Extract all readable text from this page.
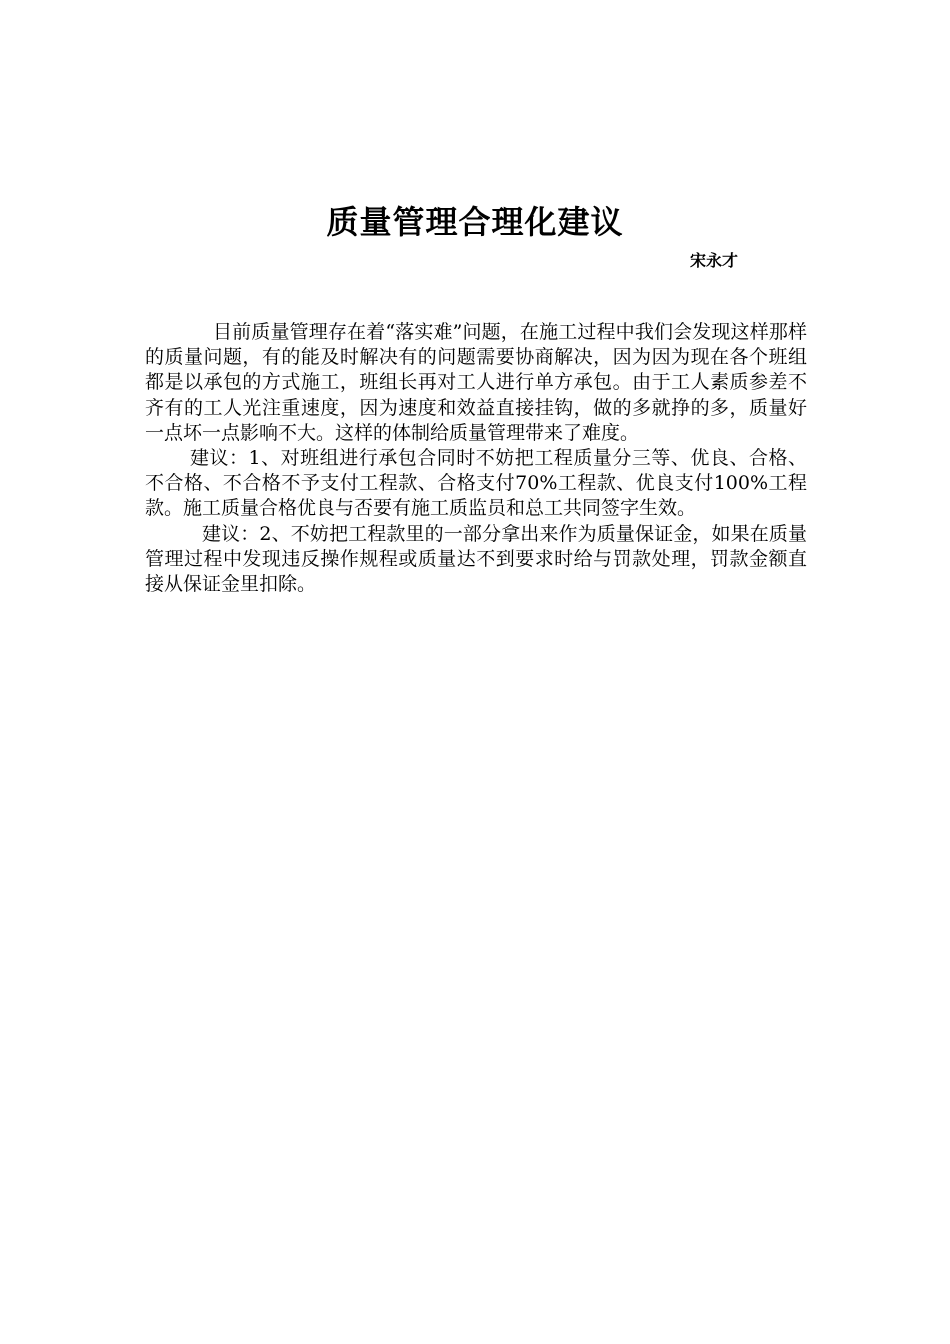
质量管理合理化建议
宋永才

目前质量管理存在着“落实难”问题，在施工过程中我们会发现这样那样的质量问题，有的能及时解决有的问题需要协商解决，因为因为现在各个班组都是以承包的方式施工，班组长再对工人进行单方承包。由于工人素质参差不齐有的工人光注重速度，因为速度和效益直接挂钩，做的多就挣的多，质量好一点坏一点影响不大。这样的体制给质量管理带来了难度。

建议：1、对班组进行承包合同时不妨把工程质量分三等、优良、合格、不合格、不合格不予支付工程款、合格支付70%工程款、优良支付100%工程款。施工质量合格优良与否要有施工质监员和总工共同签字生效。

建议：2、不妨把工程款里的一部分拿出来作为质量保证金，如果在质量管理过程中发现违反操作规程或质量达不到要求时给与罚款处理，罚款金额直接从保证金里扣除。
